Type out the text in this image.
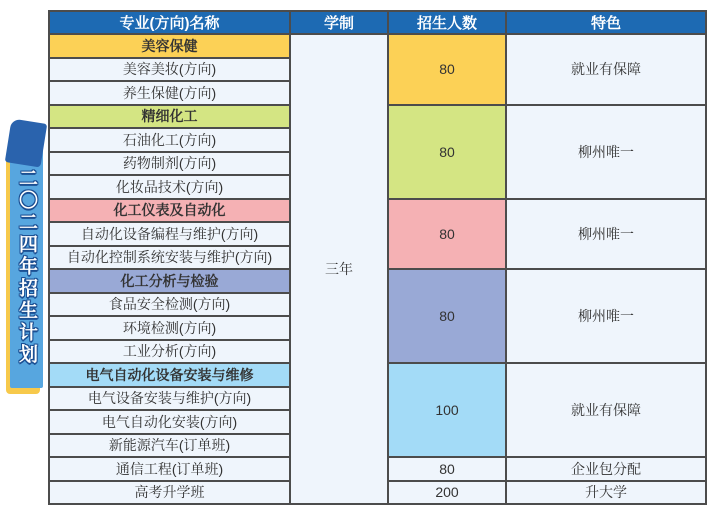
二〇二四年招生计划
专业(方向)名称	学制	招生人数	特色
美容保健	三年	80	就业有保障
美容美妆(方向)			
养生保健(方向)			
精细化工		80	柳州唯一
石油化工(方向)			
药物制剂(方向)			
化妆品技术(方向)			
化工仪表及自动化		80	柳州唯一
自动化设备编程与维护(方向)			
自动化控制系统安装与维护(方向)			
化工分析与检验		80	柳州唯一
食品安全检测(方向)			
环境检测(方向)			
工业分析(方向)			
电气自动化设备安装与维修		100	就业有保障
电气设备安装与维护(方向)			
电气自动化安装(方向)			
新能源汽车(订单班)			
通信工程(订单班)		80	企业包分配
高考升学班		200	升大学
